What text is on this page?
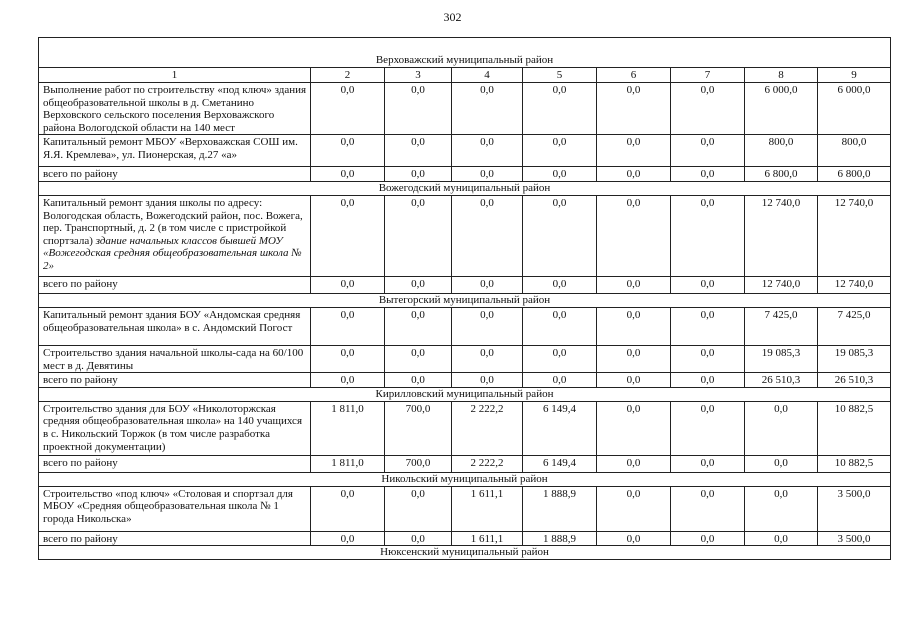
302
Верховажский муниципальный район								
1	2	3	4	5	6	7	8	9
Выполнение работ по строительству «под ключ» здания общеобразовательной школы в д. Сметанино Верховского сельского поселения Верховажского района Вологодской области на 140 мест	0,0	0,0	0,0	0,0	0,0	0,0	6 000,0	6 000,0
Капитальный ремонт МБОУ «Верховажская СОШ им. Я.Я. Кремлева», ул. Пионерская, д.27 «а»	0,0	0,0	0,0	0,0	0,0	0,0	800,0	800,0
всего по району	0,0	0,0	0,0	0,0	0,0	0,0	6 800,0	6 800,0
Вожегодский муниципальный район								
Капитальный ремонт здания школы по адресу: Вологодская область, Вожегодский район, пос. Вожега, пер. Транспортный, д. 2 (в том числе с пристройкой спортзала) здание начальных классов бывшей МОУ «Вожегодская средняя общеобразовательная школа № 2»	0,0	0,0	0,0	0,0	0,0	0,0	12 740,0	12 740,0
всего по району	0,0	0,0	0,0	0,0	0,0	0,0	12 740,0	12 740,0
Вытегорский муниципальный район								
Капитальный ремонт здания БОУ «Андомская средняя общеобразовательная школа» в с. Андомский Погост	0,0	0,0	0,0	0,0	0,0	0,0	7 425,0	7 425,0
Строительство здания начальной школы-сада на 60/100 мест в д. Девятины	0,0	0,0	0,0	0,0	0,0	0,0	19 085,3	19 085,3
всего по району	0,0	0,0	0,0	0,0	0,0	0,0	26 510,3	26 510,3
Кирилловский муниципальный район								
Строительство здания для БОУ «Николоторжская средняя общеобразовательная школа» на 140 учащихся в с. Никольский Торжок (в том числе разработка проектной документации)	1 811,0	700,0	2 222,2	6 149,4	0,0	0,0	0,0	10 882,5
всего по району	1 811,0	700,0	2 222,2	6 149,4	0,0	0,0	0,0	10 882,5
Никольский муниципальный район								
Строительство «под ключ» «Столовая и спортзал для МБОУ «Средняя общеобразовательная школа № 1 города Никольска»	0,0	0,0	1 611,1	1 888,9	0,0	0,0	0,0	3 500,0
всего по району	0,0	0,0	1 611,1	1 888,9	0,0	0,0	0,0	3 500,0
Нюксенский муниципальный район								
